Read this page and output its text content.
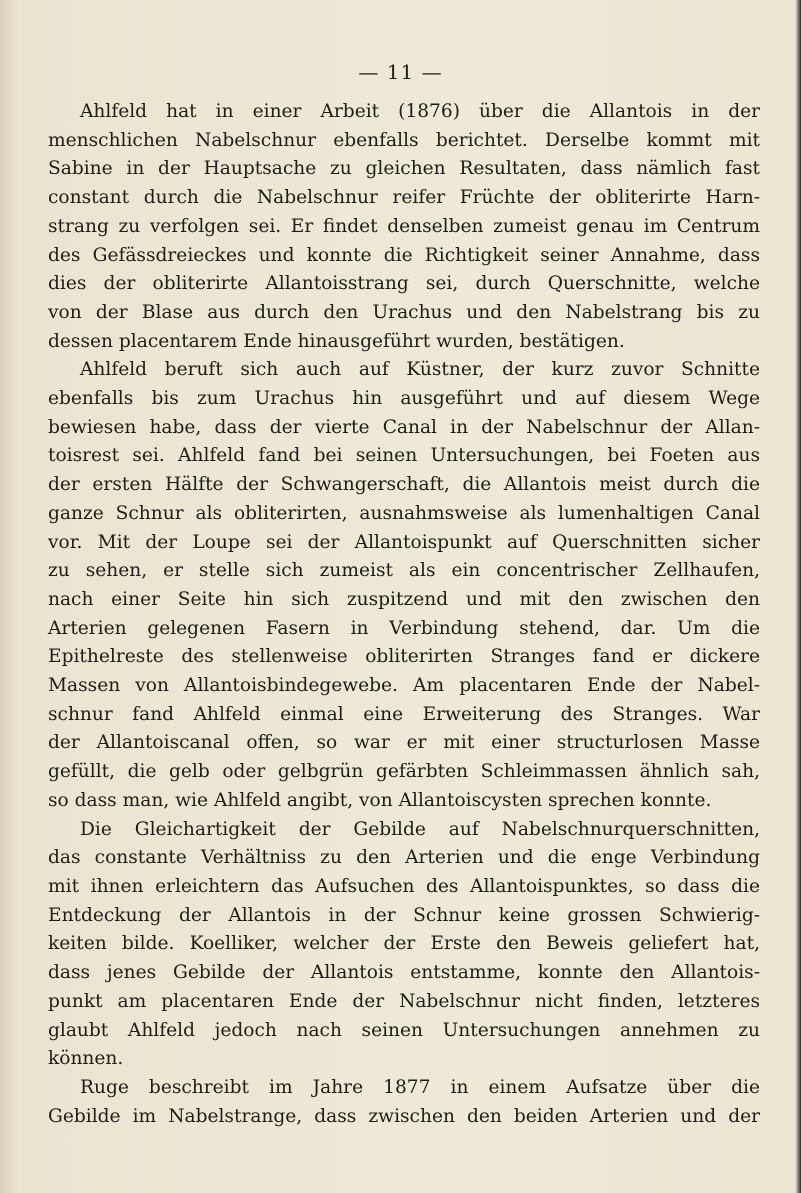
— 11 —
Ahlfeld hat in einer Arbeit (1876) über die Allantois in der
menschlichen Nabelschnur ebenfalls berichtet. Derselbe kommt mit
Sabine in der Hauptsache zu gleichen Resultaten, dass nämlich fast
constant durch die Nabelschnur reifer Früchte der obliterirte Harn-
strang zu verfolgen sei. Er findet denselben zumeist genau im Centrum
des Gefässdreieckes und konnte die Richtigkeit seiner Annahme, dass
dies der obliterirte Allantoisstrang sei, durch Querschnitte, welche
von der Blase aus durch den Urachus und den Nabelstrang bis zu
dessen placentarem Ende hinausgeführt wurden, bestätigen.
Ahlfeld beruft sich auch auf Küstner, der kurz zuvor Schnitte
ebenfalls bis zum Urachus hin ausgeführt und auf diesem Wege
bewiesen habe, dass der vierte Canal in der Nabelschnur der Allan-
toisrest sei. Ahlfeld fand bei seinen Untersuchungen, bei Foeten aus
der ersten Hälfte der Schwangerschaft, die Allantois meist durch die
ganze Schnur als obliterirten, ausnahmsweise als lumenhaltigen Canal
vor. Mit der Loupe sei der Allantoispunkt auf Querschnitten sicher
zu sehen, er stelle sich zumeist als ein concentrischer Zellhaufen,
nach einer Seite hin sich zuspitzend und mit den zwischen den
Arterien gelegenen Fasern in Verbindung stehend, dar. Um die
Epithelreste des stellenweise obliterirten Stranges fand er dickere
Massen von Allantoisbindegewebe. Am placentaren Ende der Nabel-
schnur fand Ahlfeld einmal eine Erweiterung des Stranges. War
der Allantoiscanal offen, so war er mit einer structurlosen Masse
gefüllt, die gelb oder gelbgrün gefärbten Schleimmassen ähnlich sah,
so dass man, wie Ahlfeld angibt, von Allantoiscysten sprechen konnte.
Die Gleichartigkeit der Gebilde auf Nabelschnurquerschnitten,
das constante Verhältniss zu den Arterien und die enge Verbindung
mit ihnen erleichtern das Aufsuchen des Allantoispunktes, so dass die
Entdeckung der Allantois in der Schnur keine grossen Schwierig-
keiten bilde. Koelliker, welcher der Erste den Beweis geliefert hat,
dass jenes Gebilde der Allantois entstamme, konnte den Allantois-
punkt am placentaren Ende der Nabelschnur nicht finden, letzteres
glaubt Ahlfeld jedoch nach seinen Untersuchungen annehmen zu
können.
Ruge beschreibt im Jahre 1877 in einem Aufsatze über die
Gebilde im Nabelstrange, dass zwischen den beiden Arterien und der
